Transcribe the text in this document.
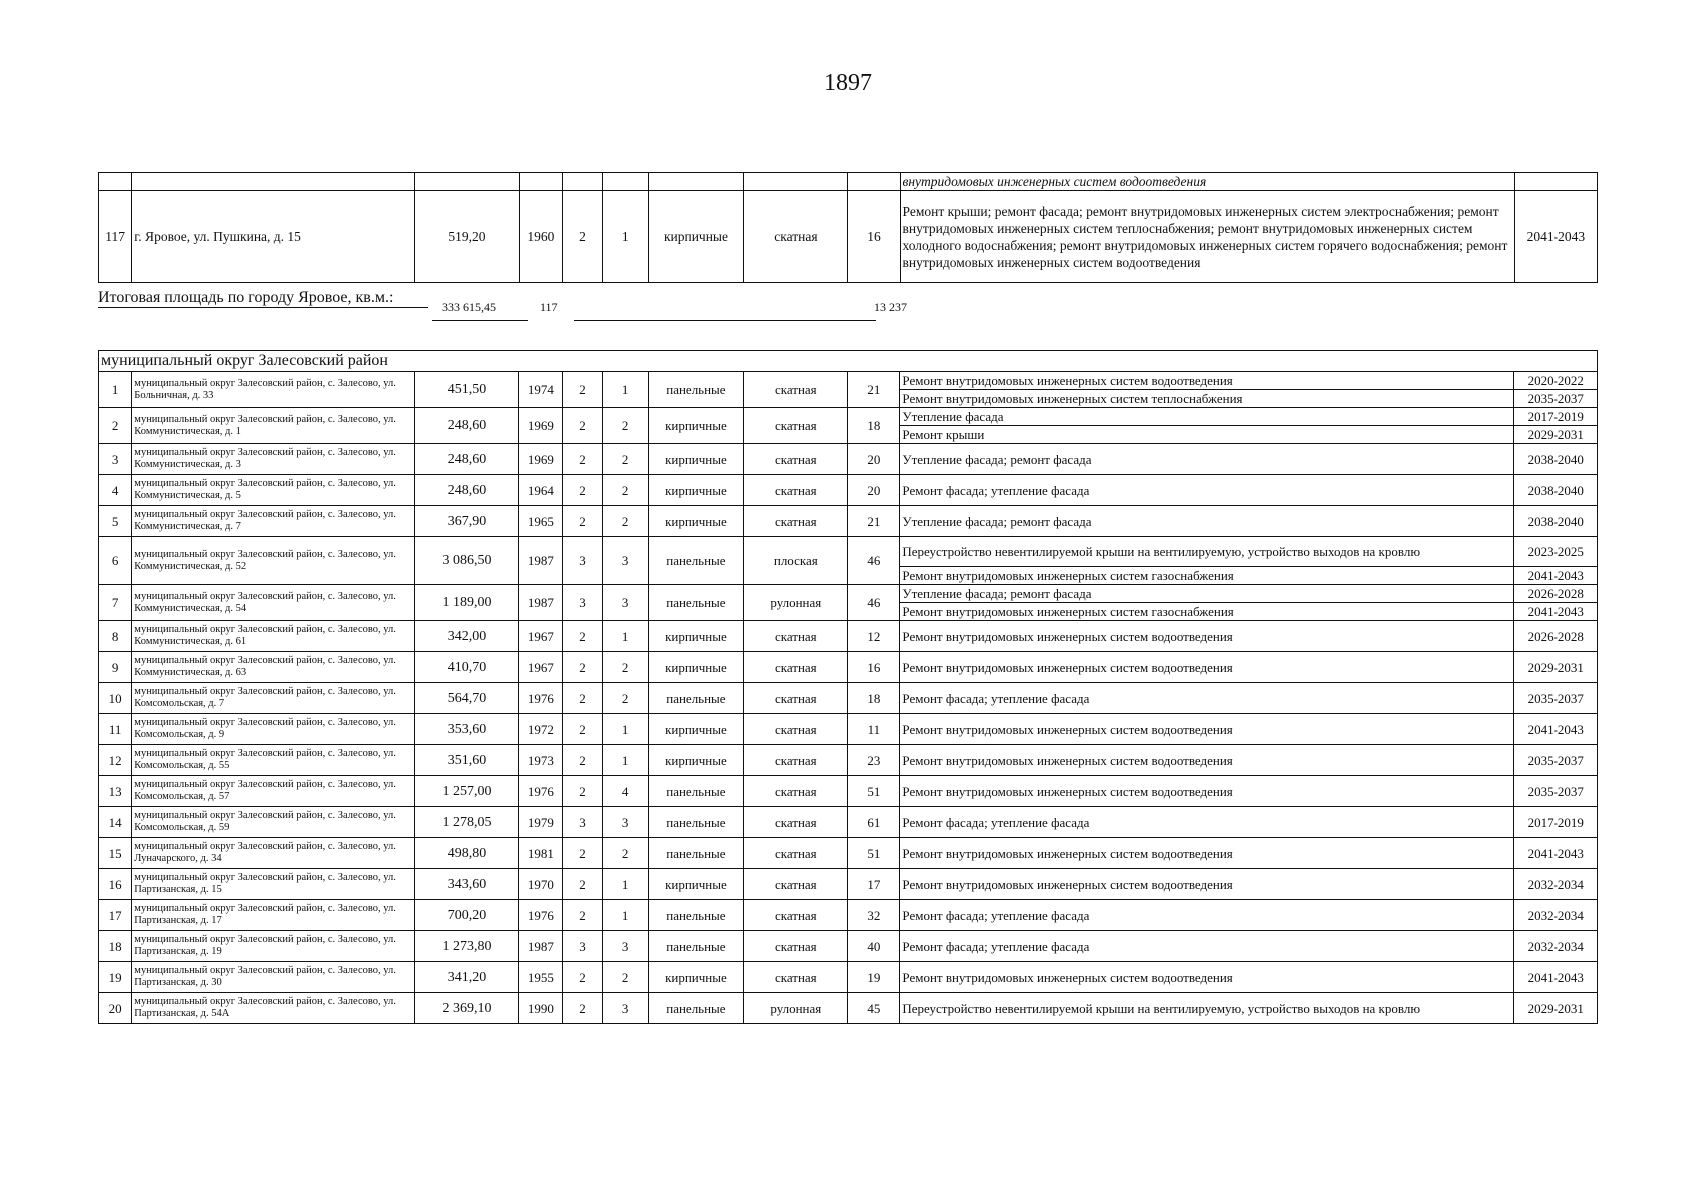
1897
									внутридомовых инженерных систем водоотведения	
117	г. Яровое, ул. Пушкина, д. 15	519,20	1960	2	1	кирпичные	скатная	16	Ремонт крыши; ремонт фасада; ремонт внутридомовых инженерных систем электроснабжения; ремонт внутридомовых инженерных систем теплоснабжения; ремонт внутридомовых инженерных систем холодного водоснабжения; ремонт внутридомовых инженерных систем горячего водоснабжения; ремонт внутридомовых инженерных систем водоотведения	2041-2043
Итоговая площадь по городу Яровое, кв.м.:
333 615,45	117	13 237
муниципальный округ Залесовский район										
1	муниципальный округ Залесовский район, с. Залесово, ул. Больничная, д. 33	451,50	1974	2	1	панельные	скатная	21	Ремонт внутридомовых инженерных систем водоотведения	2020-2022
									Ремонт внутридомовых инженерных систем теплоснабжения	2035-2037
2	муниципальный округ Залесовский район, с. Залесово, ул. Коммунистическая, д. 1	248,60	1969	2	2	кирпичные	скатная	18	Утепление фасада	2017-2019
									Ремонт крыши	2029-2031
3	муниципальный округ Залесовский район, с. Залесово, ул. Коммунистическая, д. 3	248,60	1969	2	2	кирпичные	скатная	20	Утепление фасада; ремонт фасада	2038-2040
4	муниципальный округ Залесовский район, с. Залесово, ул. Коммунистическая, д. 5	248,60	1964	2	2	кирпичные	скатная	20	Ремонт фасада; утепление фасада	2038-2040
5	муниципальный округ Залесовский район, с. Залесово, ул. Коммунистическая, д. 7	367,90	1965	2	2	кирпичные	скатная	21	Утепление фасада; ремонт фасада	2038-2040
6	муниципальный округ Залесовский район, с. Залесово, ул. Коммунистическая, д. 52	3 086,50	1987	3	3	панельные	плоская	46	Переустройство невентилируемой крыши на вентилируемую, устройство выходов на кровлю	2023-2025
									Ремонт внутридомовых инженерных систем газоснабжения	2041-2043
7	муниципальный округ Залесовский район, с. Залесово, ул. Коммунистическая, д. 54	1 189,00	1987	3	3	панельные	рулонная	46	Утепление фасада; ремонт фасада	2026-2028
									Ремонт внутридомовых инженерных систем газоснабжения	2041-2043
8	муниципальный округ Залесовский район, с. Залесово, ул. Коммунистическая, д. 61	342,00	1967	2	1	кирпичные	скатная	12	Ремонт внутридомовых инженерных систем водоотведения	2026-2028
9	муниципальный округ Залесовский район, с. Залесово, ул. Коммунистическая, д. 63	410,70	1967	2	2	кирпичные	скатная	16	Ремонт внутридомовых инженерных систем водоотведения	2029-2031
10	муниципальный округ Залесовский район, с. Залесово, ул. Комсомольская, д. 7	564,70	1976	2	2	панельные	скатная	18	Ремонт фасада; утепление фасада	2035-2037
11	муниципальный округ Залесовский район, с. Залесово, ул. Комсомольская, д. 9	353,60	1972	2	1	кирпичные	скатная	11	Ремонт внутридомовых инженерных систем водоотведения	2041-2043
12	муниципальный округ Залесовский район, с. Залесово, ул. Комсомольская, д. 55	351,60	1973	2	1	кирпичные	скатная	23	Ремонт внутридомовых инженерных систем водоотведения	2035-2037
13	муниципальный округ Залесовский район, с. Залесово, ул. Комсомольская, д. 57	1 257,00	1976	2	4	панельные	скатная	51	Ремонт внутридомовых инженерных систем водоотведения	2035-2037
14	муниципальный округ Залесовский район, с. Залесово, ул. Комсомольская, д. 59	1 278,05	1979	3	3	панельные	скатная	61	Ремонт фасада; утепление фасада	2017-2019
15	муниципальный округ Залесовский район, с. Залесово, ул. Луначарского, д. 34	498,80	1981	2	2	панельные	скатная	51	Ремонт внутридомовых инженерных систем водоотведения	2041-2043
16	муниципальный округ Залесовский район, с. Залесово, ул. Партизанская, д. 15	343,60	1970	2	1	кирпичные	скатная	17	Ремонт внутридомовых инженерных систем водоотведения	2032-2034
17	муниципальный округ Залесовский район, с. Залесово, ул. Партизанская, д. 17	700,20	1976	2	1	панельные	скатная	32	Ремонт фасада; утепление фасада	2032-2034
18	муниципальный округ Залесовский район, с. Залесово, ул. Партизанская, д. 19	1 273,80	1987	3	3	панельные	скатная	40	Ремонт фасада; утепление фасада	2032-2034
19	муниципальный округ Залесовский район, с. Залесово, ул. Партизанская, д. 30	341,20	1955	2	2	кирпичные	скатная	19	Ремонт внутридомовых инженерных систем водоотведения	2041-2043
20	муниципальный округ Залесовский район, с. Залесово, ул. Партизанская, д. 54А	2 369,10	1990	2	3	панельные	рулонная	45	Переустройство невентилируемой крыши на вентилируемую, устройство выходов на кровлю	2029-2031
